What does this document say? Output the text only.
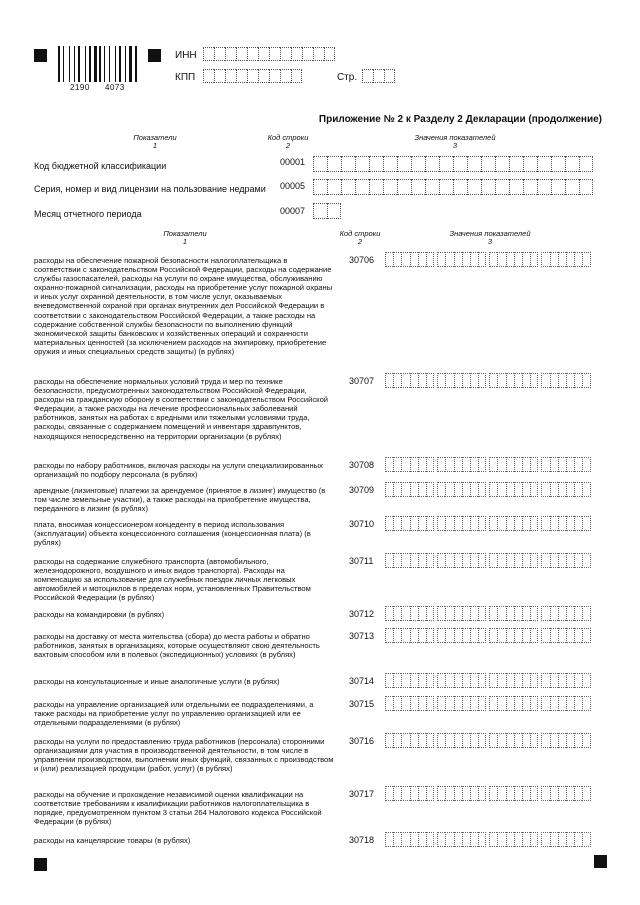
2190 4073
ИНН
КПП	Стр.
Приложение № 2 к Разделу 2 Декларации (продолжение)
Показатели
1
Код строки
2
Значения показателей
3
Код бюджетной классификации	00001
Серия, номер и вид лицензии на пользование недрами 00005
Месяц отчетного периода	00007
Показатели
1
Код строки
2
Значения показателей
3
расходы на обеспечение пожарной безопасности налогоплательщика в соответствии с законодательством Российской Федерации, расходы на содержание службы газоспасателей, расходы на услуги по охране имущества, обслуживанию охранно-пожарной сигнализации, расходы на приобретение услуг пожарной охраны и иных услуг охранной деятельности, в том числе услуг, оказываемых вневедомственной охраной при органах внутренних дел Российской Федерации в соответствии с законодательством Российской Федерации, а также расходы на содержание собственной службы безопасности по выполнению функций экономической защиты банковских и хозяйственных операций и сохранности материальных ценностей (за исключением расходов на экипировку, приобретение оружия и иных специальных средств защиты) (в рублях)
30706
расходы на обеспечение нормальных условий труда и мер по технике безопасности, предусмотренных законодательством Российской Федерации, расходы на гражданскую оборону в соответствии с законодательством Российской Федерации, а также расходы на лечение профессиональных заболеваний работников, занятых на работах с вредными или тяжелыми условиями труда, расходы, связанные с содержанием помещений и инвентаря здравпунктов, находящихся непосредственно на территории организации (в рублях)
30707
расходы по набору работников, включая расходы на услуги специализированных организаций по подбору персонала (в рублях)
30708
арендные (лизинговые) платежи за арендуемое (принятое в лизинг) имущество (в том числе земельные участки), а также расходы на приобретение имущества, переданного в лизинг (в рублях)
30709
плата, вносимая концессионером концеденту в период использования (эксплуатации) объекта концессионного соглашения (концессионная плата) (в рублях)
30710
расходы на содержание служебного транспорта (автомобильного, железнодорожного, воздушного и иных видов транспорта). Расходы на компенсацию за использование для служебных поездок личных легковых автомобилей и мотоциклов в пределах норм, установленных Правительством Российской Федерации (в рублях)
30711
расходы на командировки (в рублях)	30712
расходы на доставку от места жительства (сбора) до места работы и обратно работников, занятых в организациях, которые осуществляют свою деятельность вахтовым способом или в полевых (экспедиционных) условиях (в рублях)
30713
расходы на консультационные и иные аналогичные услуги (в рублях)	30714
расходы на управление организацией или отдельными ее подразделениями, а также расходы на приобретение услуг по управлению организацией или ее отдельными подразделениями (в рублях)
30715
расходы на услуги по предоставлению труда работников (персонала) сторонними организациями для участия в производственной деятельности, в том числе в управлении производством, выполнении иных функций, связанных с производством и (или) реализацией продукции (работ, услуг) (в рублях)
30716
расходы на обучение и прохождение независимой оценки квалификации на соответствие требованиям к квалификации работников налогоплательщика в порядке, предусмотренном пунктом 3 статьи 264 Налогового кодекса Российской Федерации (в рублях)
30717
расходы на канцелярские товары (в рублях)	30718
